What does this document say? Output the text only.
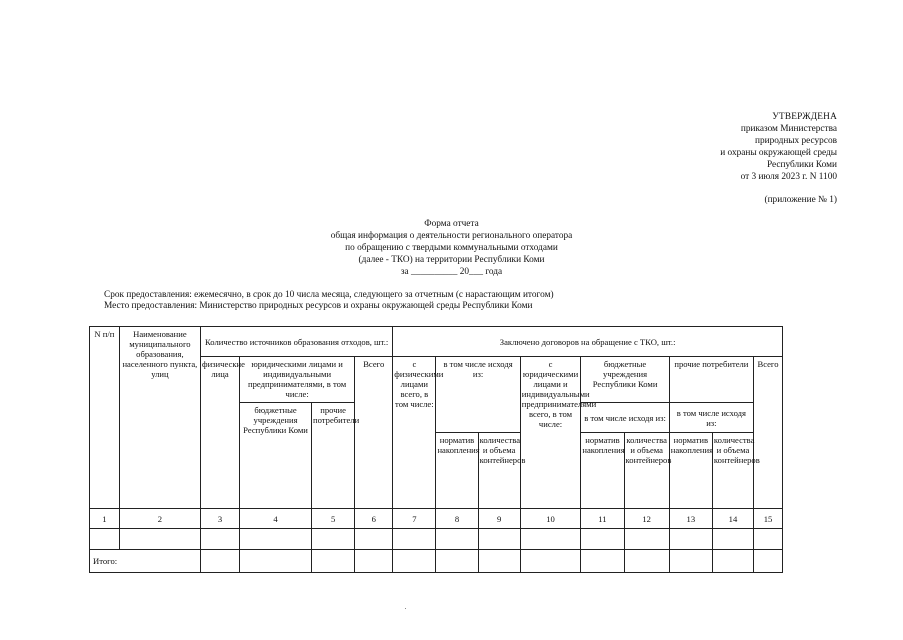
УТВЕРЖДЕНА
приказом Министерства
природных ресурсов
и охраны окружающей среды
Республики Коми
от 3 июля 2023 г. N 1100
(приложение № 1)
Форма отчета
общая информация о деятельности регионального оператора
по обращению с твердыми коммунальными отходами
(далее - ТКО) на территории Республики Коми
за __________ 20___ года
Срок предоставления: ежемесячно, в срок до 10 числа месяца, следующего за отчетным (с нарастающим итогом)
Место предоставления: Министерство природных ресурсов и охраны окружающей среды Республики Коми
N п/п	Наименование муниципального образования, населенного пункта, улиц	Количество источников образования отходов, шт.:				Заключено договоров на обращение с ТКО, шт.:								
		физические лица	юридическими лицами и индивидуальными предпринимателями, в том числе:		Всего	с физическими лицами всего, в том числе:	в том числе исходя из:		с юридическими лицами и индивидуальными предпринимателями всего, в том числе:	бюджетные учреждения Республики Коми		прочие потребители		Всего
			бюджетные учреждения Республики Коми	прочие потребители						в том числе исходя из:		в том числе исходя из:		
							норматив накопления	количества и объема контейнеров		норматив накопления	количества и объема контейнеров	норматив накопления	количества и объема контейнеров	
1	2	3	4	5	6	7	8	9	10	11	12	13	14	15

Итого:														
